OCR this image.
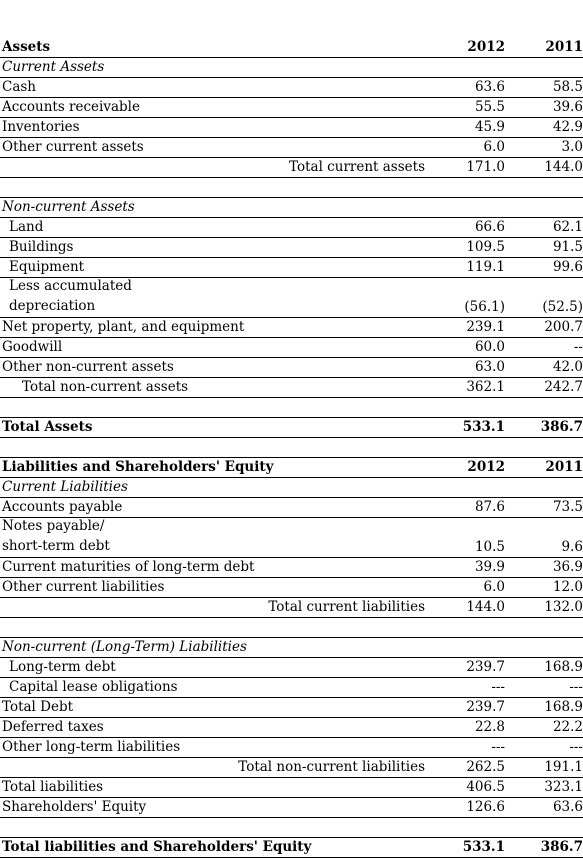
Assets	2012	2011
Current Assets
Cash	63.6	58.5
Accounts receivable	55.5	39.6
Inventories	45.9	42.9
Other current assets	6.0	3.0
Total current assets	171.0	144.0
Non-current Assets
Land	66.6	62.1
Buildings	109.5	91.5
Equipment	119.1	99.6
Less accumulated
depreciation	(56.1)	(52.5)
Net property, plant, and equipment	239.1	200.7
Goodwill	60.0	--
Other non-current assets	63.0	42.0
Total non-current assets	362.1	242.7
Total Assets	533.1	386.7
Liabilities and Shareholders' Equity	2012	2011
Current Liabilities
Accounts payable	87.6	73.5
Notes payable/
short-term debt	10.5	9.6
Current maturities of long-term debt	39.9	36.9
Other current liabilities	6.0	12.0
Total current liabilities	144.0	132.0
Non-current (Long-Term) Liabilities
Long-term debt	239.7	168.9
Capital lease obligations	---	---
Total Debt	239.7	168.9
Deferred taxes	22.8	22.2
Other long-term liabilities	---	---
Total non-current liabilities	262.5	191.1
Total liabilities	406.5	323.1
Shareholders' Equity	126.6	63.6
Total liabilities and Shareholders' Equity	533.1	386.7
